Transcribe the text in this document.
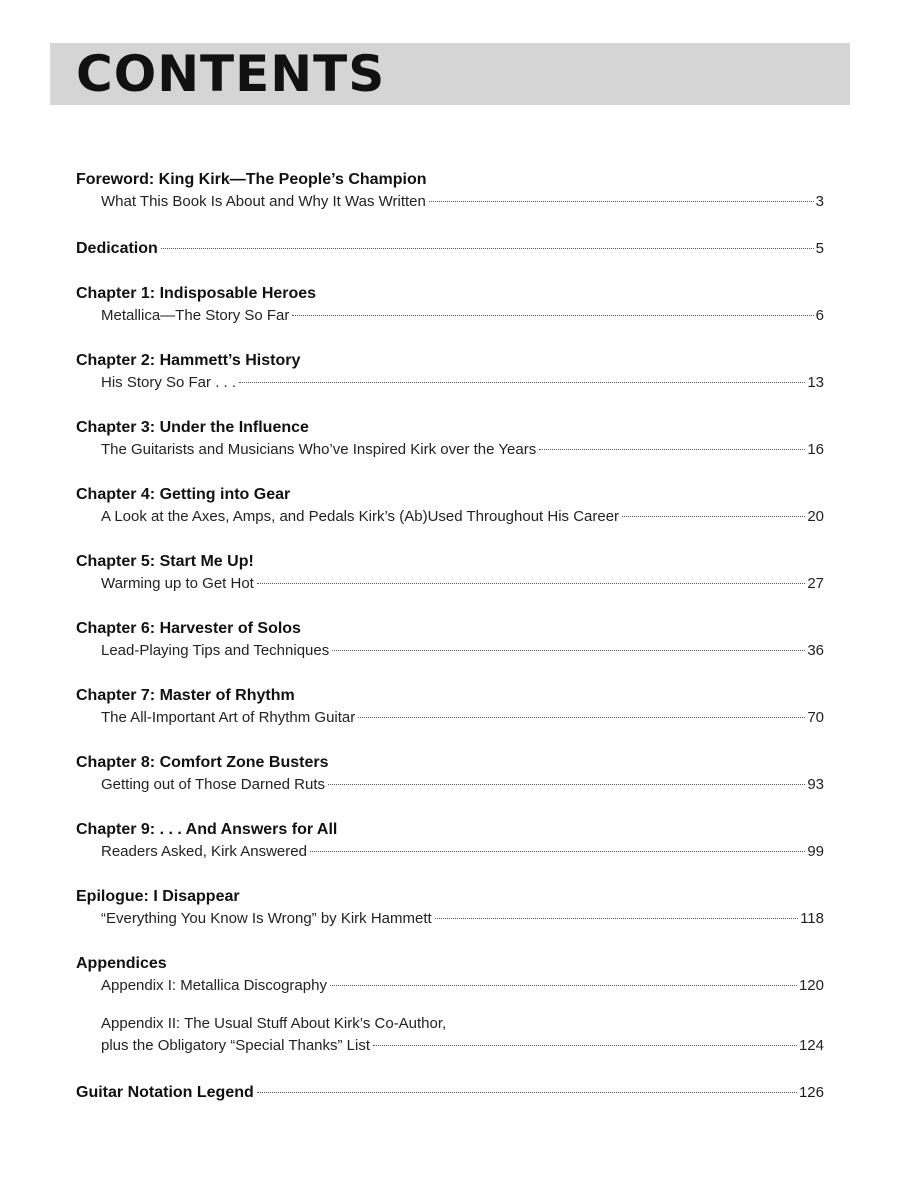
CONTENTS
Foreword: King Kirk—The People’s Champion
What This Book Is About and Why It Was Written	3
Dedication	5
Chapter 1: Indisposable Heroes
Metallica—The Story So Far	6
Chapter 2: Hammett’s History
His Story So Far . . .	13
Chapter 3: Under the Influence
The Guitarists and Musicians Who’ve Inspired Kirk over the Years	16
Chapter 4: Getting into Gear
A Look at the Axes, Amps, and Pedals Kirk’s (Ab)Used Throughout His Career	20
Chapter 5: Start Me Up!
Warming up to Get Hot	27
Chapter 6: Harvester of Solos
Lead-Playing Tips and Techniques	36
Chapter 7: Master of Rhythm
The All-Important Art of Rhythm Guitar	70
Chapter 8: Comfort Zone Busters
Getting out of Those Darned Ruts	93
Chapter 9: . . . And Answers for All
Readers Asked, Kirk Answered	99
Epilogue: I Disappear
“Everything You Know Is Wrong” by Kirk Hammett	118
Appendices
Appendix I: Metallica Discography	120
Appendix II: The Usual Stuff About Kirk’s Co-Author,
plus the Obligatory “Special Thanks” List	124
Guitar Notation Legend	126
